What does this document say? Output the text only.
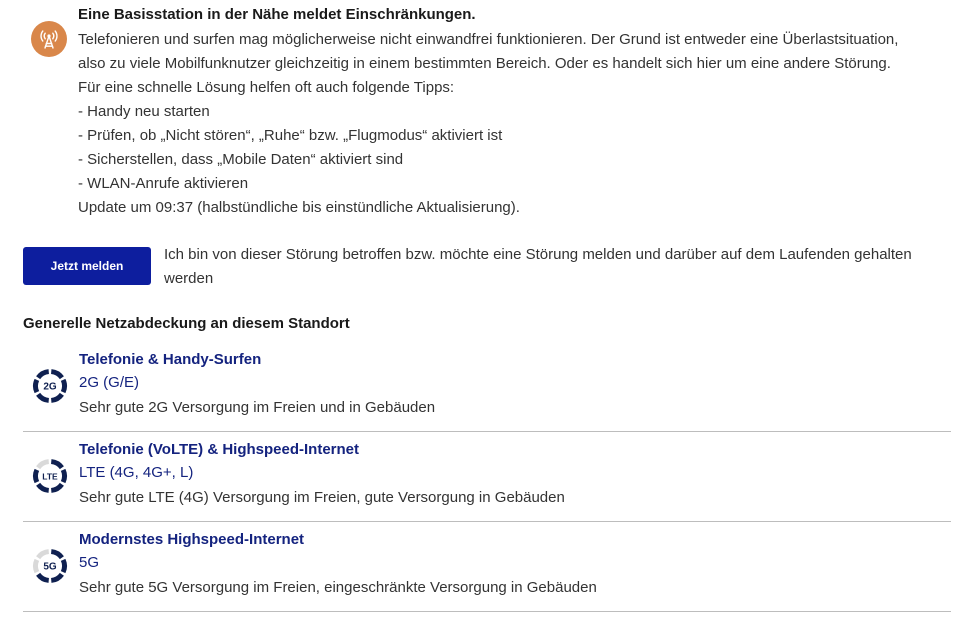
Eine Basisstation in der Nähe meldet Einschränkungen.
Telefonieren und surfen mag möglicherweise nicht einwandfrei funktionieren. Der Grund ist entweder eine Überlastsituation,
also zu viele Mobilfunknutzer gleichzeitig in einem bestimmten Bereich. Oder es handelt sich hier um eine andere Störung.
Für eine schnelle Lösung helfen oft auch folgende Tipps:
- Handy neu starten
- Prüfen, ob „Nicht stören“, „Ruhe“ bzw. „Flugmodus“ aktiviert ist
- Sicherstellen, dass „Mobile Daten“ aktiviert sind
- WLAN-Anrufe aktivieren
Update um 09:37 (halbstündliche bis einstündliche Aktualisierung).
Jetzt melden
Ich bin von dieser Störung betroffen bzw. möchte eine Störung melden und darüber auf dem Laufenden gehalten werden
Generelle Netzabdeckung an diesem Standort
2G
Telefonie & Handy-Surfen
2G (G/E)
Sehr gute 2G Versorgung im Freien und in Gebäuden
LTE
Telefonie (VoLTE) & Highspeed-Internet
LTE (4G, 4G+, L)
Sehr gute LTE (4G) Versorgung im Freien, gute Versorgung in Gebäuden
5G
Modernstes Highspeed-Internet
5G
Sehr gute 5G Versorgung im Freien, eingeschränkte Versorgung in Gebäuden
